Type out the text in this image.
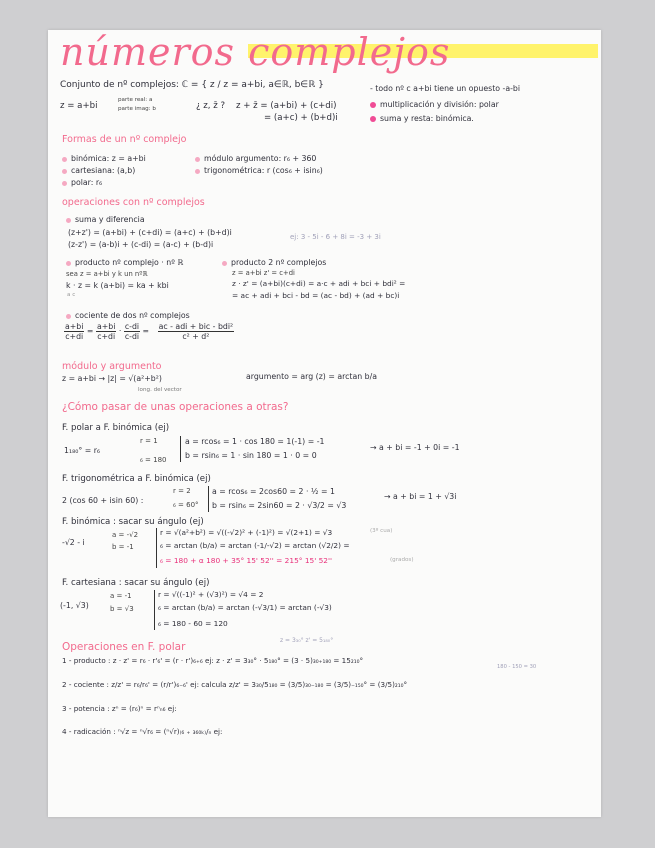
números complejos
Conjunto de nº complejos: ℂ = { z / z = a+bi, a∈ℝ, b∈ℝ }
z = a+bi
parte real: a
parte imag: b	¿ z, z̄ ? z + z̄ = (a+bi) + (c+di)
= (a+c) + (b+d)i
- todo nº c a+bi tiene un opuesto -a-bi
multiplicación y división: polar
suma y resta: binómica.
Formas de un nº complejo
binómica: z = a+bi
cartesiana: (a,b)
polar: r₆
módulo argumento: r₆ + 360
trigonométrica: r (cos₆ + isin₆)
operaciones con nº complejos
suma y diferencia
(z+z') = (a+bi) + (c+di) = (a+c) + (b+d)i
(z-z') = (a-b)i + (c-di) = (a-c) + (b-d)i
ej: 3 - 5i - 6 + 8i = -3 + 3i
producto nº complejo · nº ℝ
sea z = a+bi y k un nºℝ
k · z = k (a+bi) = ka + kbi
a c
producto 2 nº complejos
z = a+bi z' = c+di
z · z' = (a+bi)(c+di) = a·c + adi + bci + bdi² =
= ac + adi + bci - bd = (ac - bd) + (ad + bc)i
cociente de dos nº complejos
$\frac{a+bi}{c+di} = \frac{a+bi}{c+di} \cdot \frac{c-di}{c-di} = \frac{\text{ac - adi + bic - bdi²}}{\text{c² + d²}}$
módulo y argumento
z = a+bi → |z| = √(a²+b²)
long. del vector
argumento = arg (z) = arctan b/a
¿Cómo pasar de unas operaciones a otras?
F. polar a F. binómica (ej)
1₁₈₀° = r₆
r = 1
₆ = 180
a = rcos₆ = 1 · cos 180 = 1(-1) = -1
b = rsin₆ = 1 · sin 180 = 1 · 0 = 0
→ a + bi = -1 + 0i = -1
F. trigonométrica a F. binómica (ej)
2 (cos 60 + isin 60) :
r = 2
₆ = 60°
a = rcos₆ = 2cos60 = 2 · ½ = 1
b = rsin₆ = 2sin60 = 2 · √3/2 = √3
→ a + bi = 1 + √3i
F. binómica : sacar su ángulo (ej)
-√2 - i
a = -√2
b = -1
r = √(a²+b²) = √((-√2)² + (-1)²) = √(2+1) = √3	(3º cua)
₆ = arctan (b/a) = arctan (-1/-√2) = arctan (√2/2) =
₆ = 180 + α 180 + 35° 15' 52'' = 215° 15' 52''	(grados)
F. cartesiana : sacar su ángulo (ej)
(-1, √3)
a = -1
b = √3
r = √((-1)² + (√3)²) = √4 = 2
₆ = arctan (b/a) = arctan (-√3/1) = arctan (-√3)
₆ = 180 - 60 = 120
Operaciones en F. polar
z = 3₃₀° z' = 5₁₈₀°
1 - producto : z · z' = r₆ · r'₆' = (r · r')₆₊₆ ej: z · z' = 3₃₀° · 5₁₈₀° = (3 · 5)₃₀₊₁₈₀ = 15₂₁₀°
180 - 150 = 30
2 - cociente : z/z' = r₆/r₆' = (r/r')₆₋₆' ej: calcula z/z' = 3₃₀/5₁₈₀ = (3/5)₃₀₋₁₈₀ = (3/5)₋₁₅₀° = (3/5)₂₁₀°
3 - potencia : zⁿ = (r₆)ⁿ = rⁿₙ₆ ej:
4 - radicación : ⁿ√z = ⁿ√r₆ = (ⁿ√r)₍₆ ₊ ₃₆₀ₖ₎/ₙ ej:
